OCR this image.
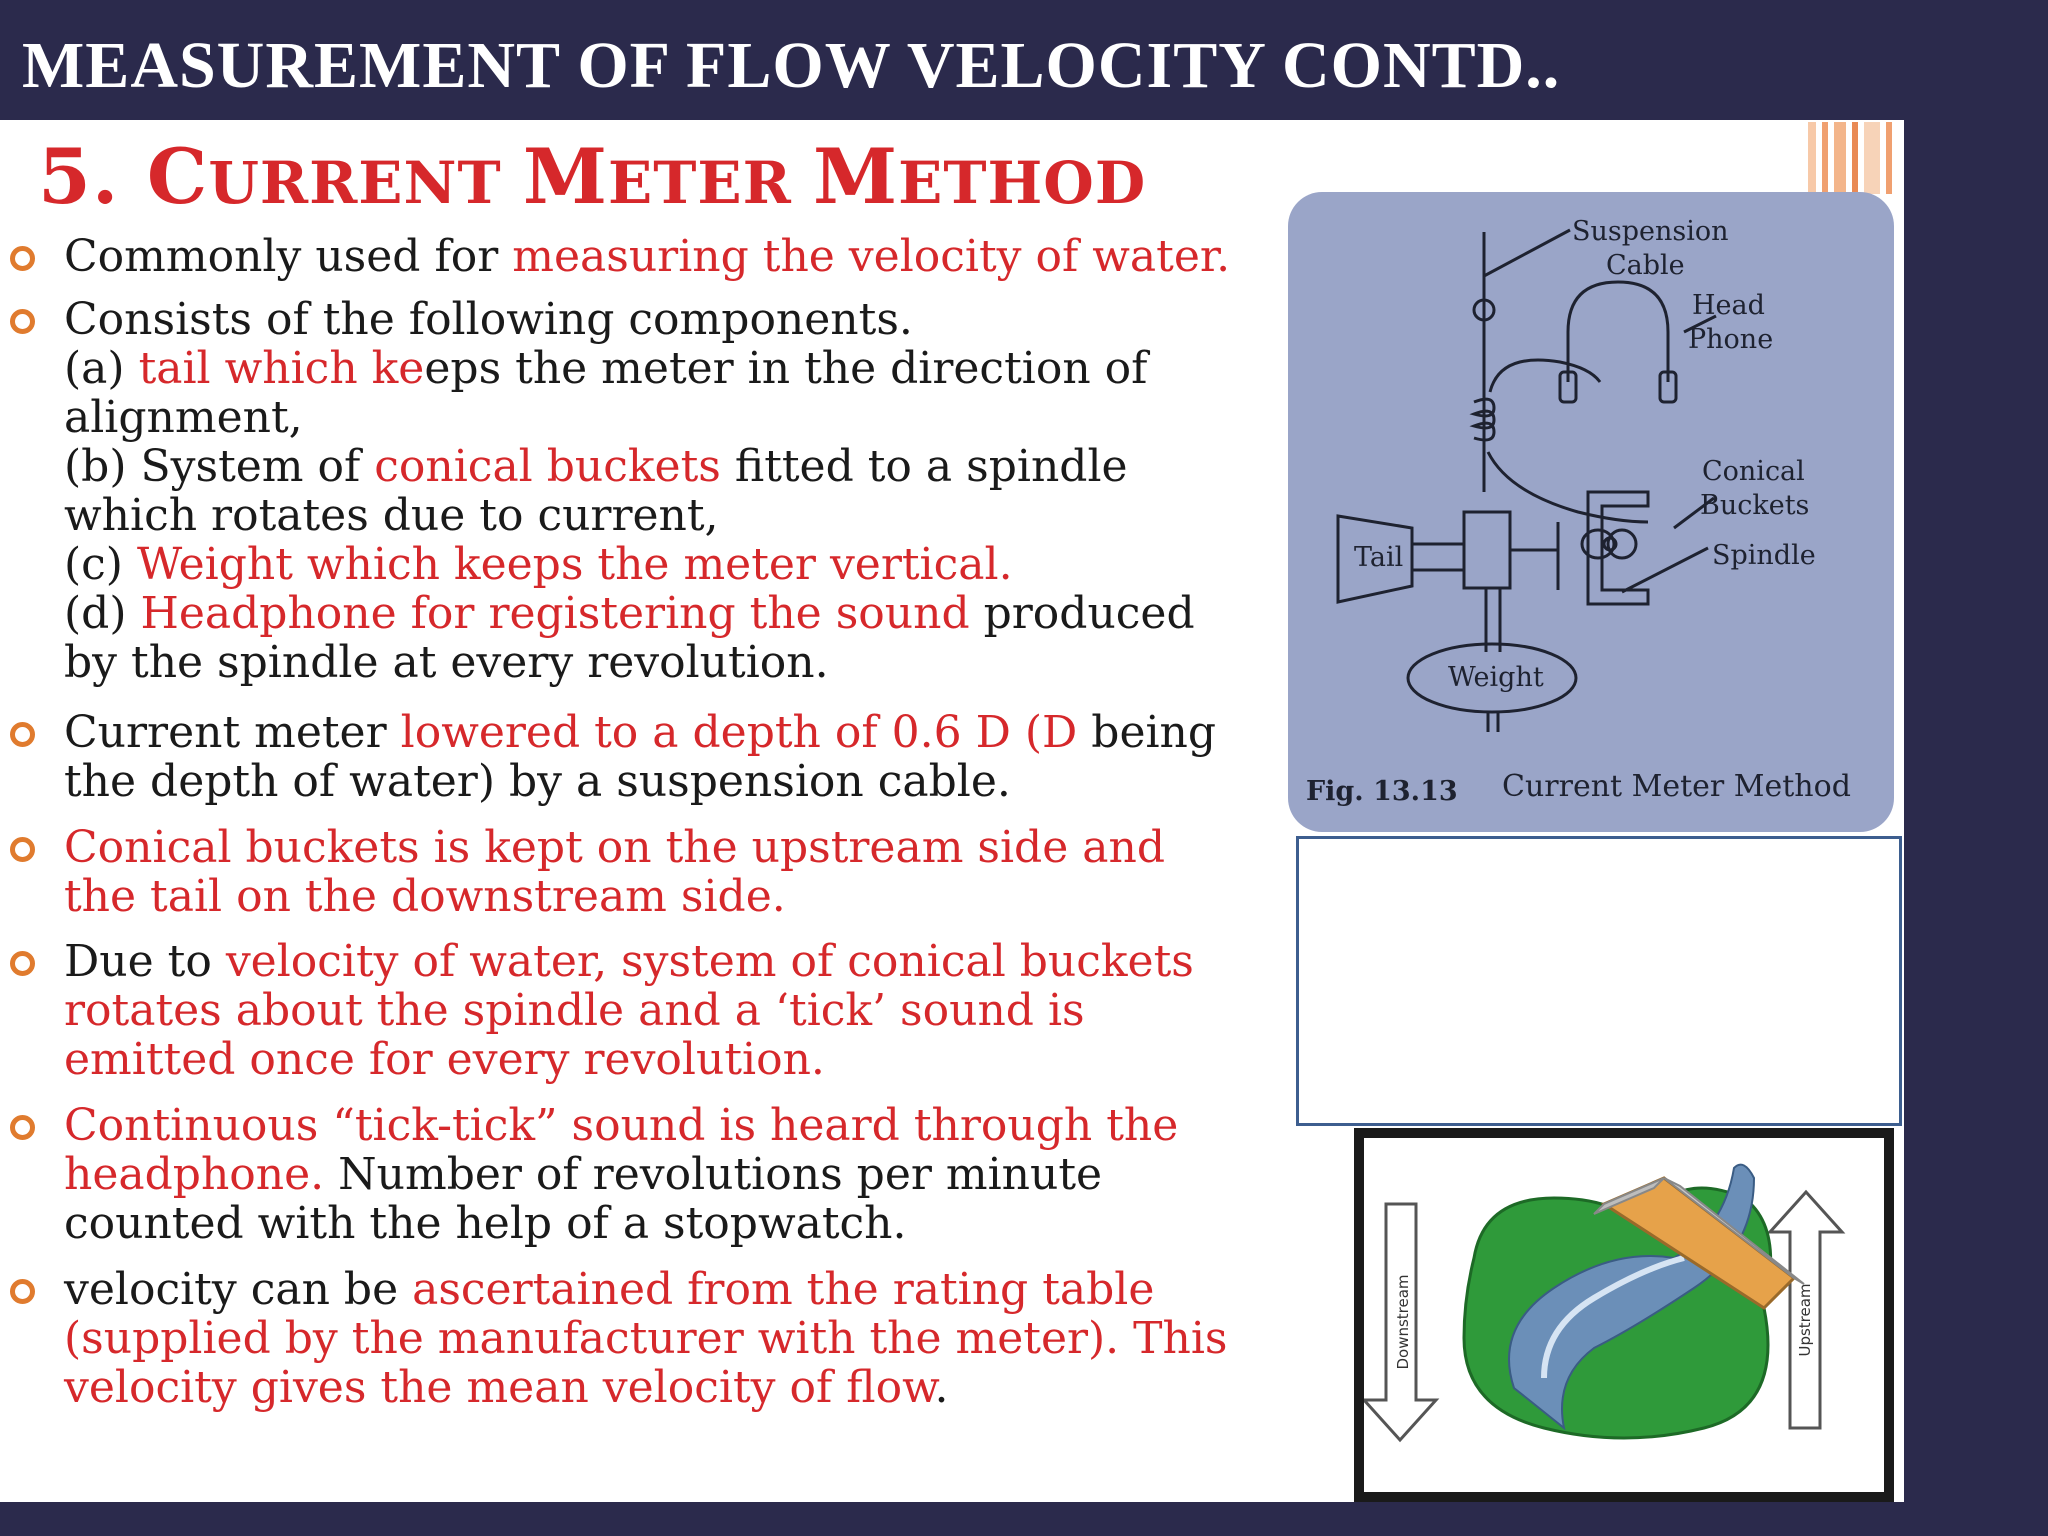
MEASUREMENT OF FLOW VELOCITY CONTD..
5. CURRENT METER METHOD
Commonly used for measuring the velocity of water.
Consists of the following components.
(a) tail which keeps the meter in the direction of
alignment,
(b) System of conical buckets fitted to a spindle
which rotates due to current,
(c) Weight which keeps the meter vertical.
(d) Headphone for registering the sound produced
by the spindle at every revolution.
Current meter lowered to a depth of 0.6 D (D being
the depth of water) by a suspension cable.
Conical buckets is kept on the upstream side and
the tail on the downstream side.
Due to velocity of water, system of conical buckets
rotates about the spindle and a ‘tick’ sound is
emitted once for every revolution.
Continuous “tick-tick” sound is heard through the
headphone. Number of revolutions per minute
counted with the help of a stopwatch.
velocity can be ascertained from the rating table
(supplied by the manufacturer with the meter). This
velocity gives the mean velocity of flow.
Suspension
Cable
Head
Phone
Conical
Buckets
Spindle
Tail
Weight
Fig. 13.13 Current Meter Method
Downstream	Upstream
